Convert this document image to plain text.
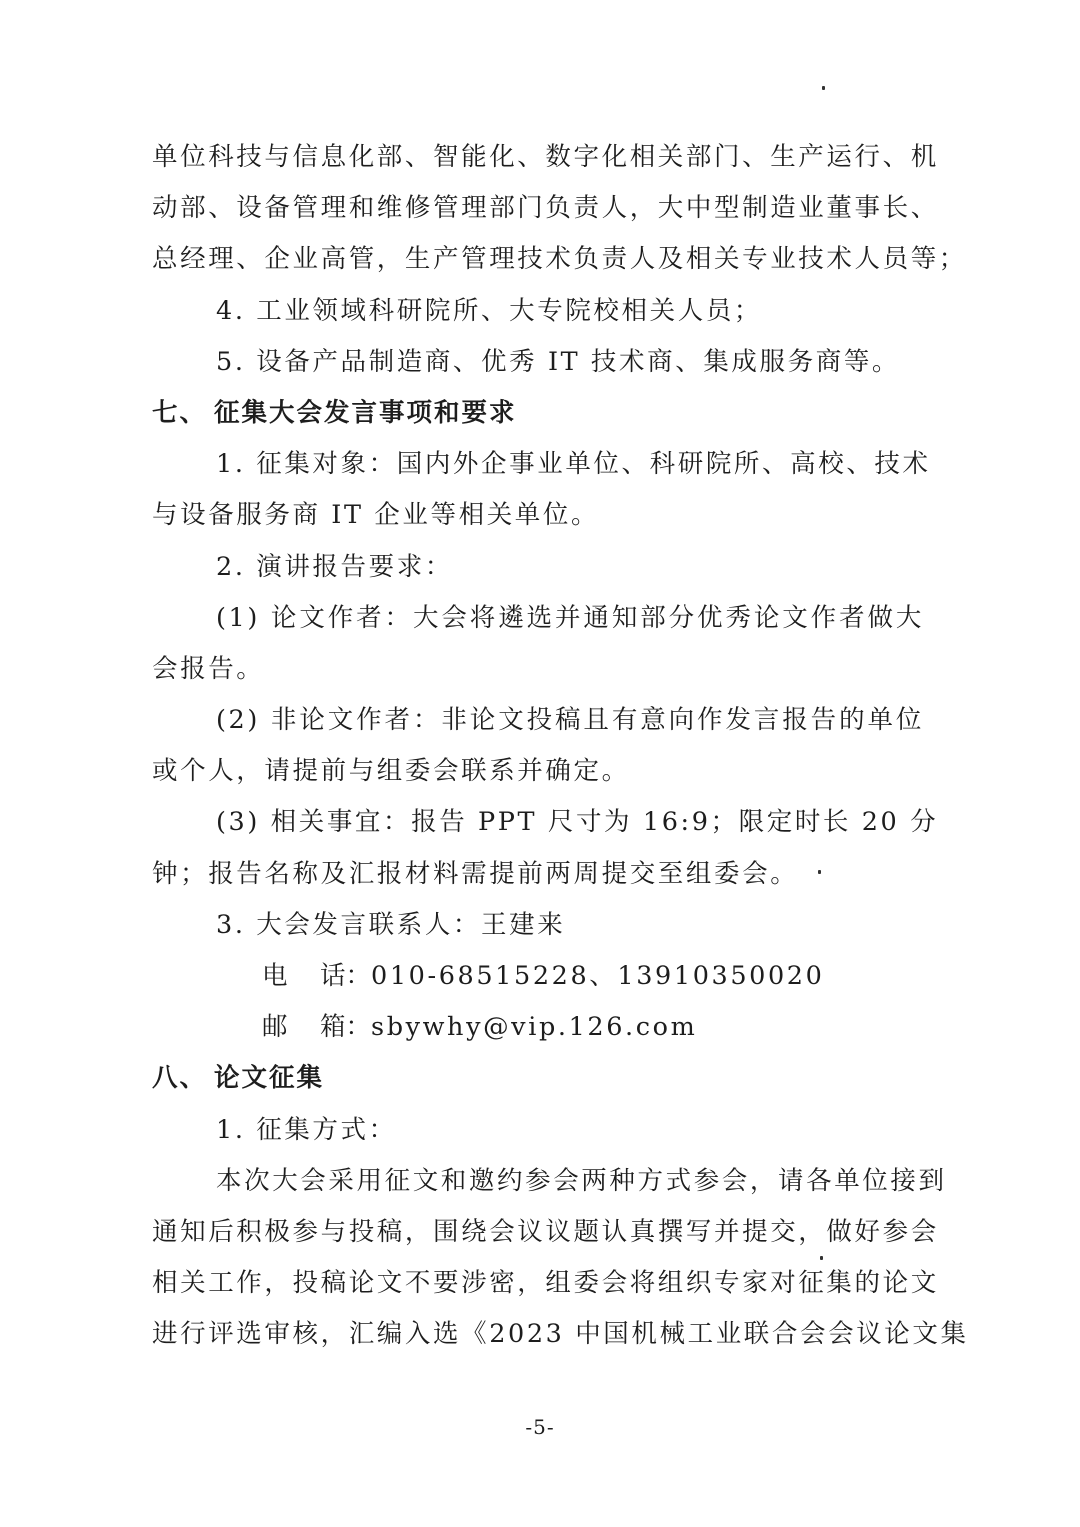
单位科技与信息化部、智能化、数字化相关部门、生产运行、机
动部、设备管理和维修管理部门负责人，大中型制造业董事长、
总经理、企业高管，生产管理技术负责人及相关专业技术人员等；
4. 工业领域科研院所、大专院校相关人员；
5. 设备产品制造商、优秀 IT 技术商、集成服务商等。
七、 征集大会发言事项和要求
1. 征集对象：国内外企事业单位、科研院所、高校、技术
与设备服务商 IT 企业等相关单位。
2. 演讲报告要求：
(1) 论文作者：大会将遴选并通知部分优秀论文作者做大
会报告。
(2) 非论文作者：非论文投稿且有意向作发言报告的单位
或个人，请提前与组委会联系并确定。
(3) 相关事宜：报告 PPT 尺寸为 16:9；限定时长 20 分
钟；报告名称及汇报材料需提前两周提交至组委会。
3. 大会发言联系人：王建来
电 话：010-68515228、13910350020
邮 箱：sbywhy@vip.126.com
八、 论文征集
1. 征集方式：
本次大会采用征文和邀约参会两种方式参会，请各单位接到
通知后积极参与投稿，围绕会议议题认真撰写并提交，做好参会
相关工作，投稿论文不要涉密，组委会将组织专家对征集的论文
进行评选审核，汇编入选《2023 中国机械工业联合会会议论文集
-5-
